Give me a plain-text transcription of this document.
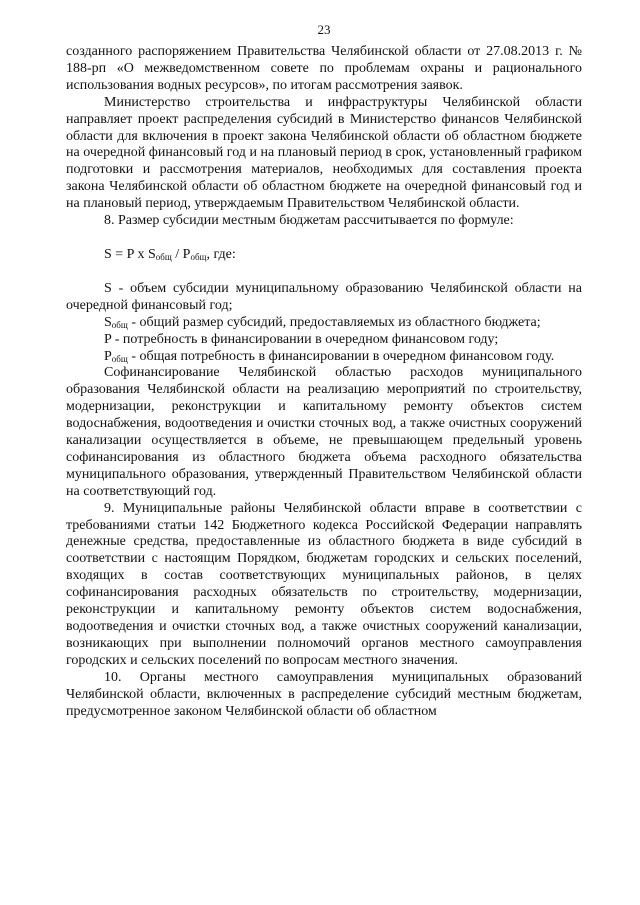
23

созданного распоряжением Правительства Челябинской области от 27.08.2013 г. № 188-рп «О межведомственном совете по проблемам охраны и рационального использования водных ресурсов», по итогам рассмотрения заявок.

Министерство строительства и инфраструктуры Челябинской области направляет проект распределения субсидий в Министерство финансов Челябинской области для включения в проект закона Челябинской области об областном бюджете на очередной финансовый год и на плановый период в срок, установленный графиком подготовки и рассмотрения материалов, необходимых для составления проекта закона Челябинской области об областном бюджете на очередной финансовый год и на плановый период, утверждаемым Правительством Челябинской области.

8. Размер субсидии местным бюджетам рассчитывается по формуле:

S = P x $S_{общ} / P_{общ}$, где:

S - объем субсидии муниципальному образованию Челябинской области на очередной финансовый год;

$S_{общ}$ - общий размер субсидий, предоставляемых из областного бюджета;

P - потребность в финансировании в очередном финансовом году;

$P_{общ}$ - общая потребность в финансировании в очередном финансовом году.

Софинансирование Челябинской областью расходов муниципального образования Челябинской области на реализацию мероприятий по строительству, модернизации, реконструкции и капитальному ремонту объектов систем водоснабжения, водоотведения и очистки сточных вод, а также очистных сооружений канализации осуществляется в объеме, не превышающем предельный уровень софинансирования из областного бюджета объема расходного обязательства муниципального образования, утвержденный Правительством Челябинской области на соответствующий год.

9. Муниципальные районы Челябинской области вправе в соответствии с требованиями статьи 142 Бюджетного кодекса Российской Федерации направлять денежные средства, предоставленные из областного бюджета в виде субсидий в соответствии с настоящим Порядком, бюджетам городских и сельских поселений, входящих в состав соответствующих муниципальных районов, в целях софинансирования расходных обязательств по строительству, модернизации, реконструкции и капитальному ремонту объектов систем водоснабжения, водоотведения и очистки сточных вод, а также очистных сооружений канализации, возникающих при выполнении полномочий органов местного самоуправления городских и сельских поселений по вопросам местного значения.

10. Органы местного самоуправления муниципальных образований Челябинской области, включенных в распределение субсидий местным бюджетам, предусмотренное законом Челябинской области об областном
